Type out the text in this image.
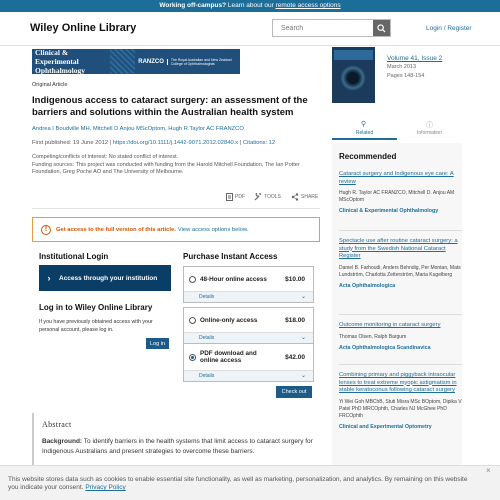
Working off-campus? Learn about our remote access options
Wiley Online Library
Search	Login / Register
Clinical & Experimental Ophthalmology
RANZCO	The Royal Australian and New Zealand College of Ophthalmologists
Original Article
Indigenous access to cataract surgery: an assessment of the barriers and solutions within the Australian health system
Andrea I Boudville MH, Mitchell D Anjou MScOptom, Hugh R Taylor AC FRANZCO
First published: 19 June 2012 | https://doi.org/10.1111/j.1442-9071.2012.02840.x | Citations: 12
Competing/conflicts of interest: No stated conflict of interest.
Funding sources: This project was conducted with funding from the Harold Mitchell Foundation, The Ian Potter Foundation, Greg Poche AO and The University of Melbourne.
PDF	TOOLS	SHARE
!	Get access to the full version of this article. View access options below.
Institutional Login
›	Access through your institution
Log in to Wiley Online Library
If you have previously obtained access with your personal account, please log in.
Log in
Purchase Instant Access
48-Hour online access	$10.00
Details	⌄
Online-only access	$18.00
Details	⌄
PDF download and online access	$42.00
Details	⌄
Check out
Abstract
Background: To identify barriers in the health systems that limit access to cataract surgery for Indigenous Australians and present strategies to overcome these barriers.
Volume 41, Issue 2
March 2013
Pages 148-154
⚲
Related
ⓘ
Information
Recommended
Cataract surgery and Indigenous eye care: A review
Hugh R. Taylor AC FRANZCO, Mitchell D. Anjou AM MScOptom
Clinical & Experimental Ophthalmology
Spectacle use after routine cataract surgery: a study from the Swedish National Cataract Register
Daniel B. Farhoudi, Anders Behndig, Per Montan, Mats Lundström, Charlotta Zetterström, Maria Kugelberg
Acta Ophthalmologica
Outcome monitoring in cataract surgery
Thomas Olsen, Ralph Bargum
Acta Ophthalmologica Scandinavica
Combining primary and piggyback intraocular lenses to treat extreme myopic astigmatism in stable keratoconus following cataract surgery
Yi Wei Goh MBChB, Stuti Misra MSc BOptom, Dipika V Patel PhD MRCOphth, Charles NJ McGhee PhD FRCOphth
Clinical and Experimental Optometry
×
This website stores data such as cookies to enable essential site functionality, as well as marketing, personalization, and analytics. By remaining on this website you indicate your consent. Privacy Policy
